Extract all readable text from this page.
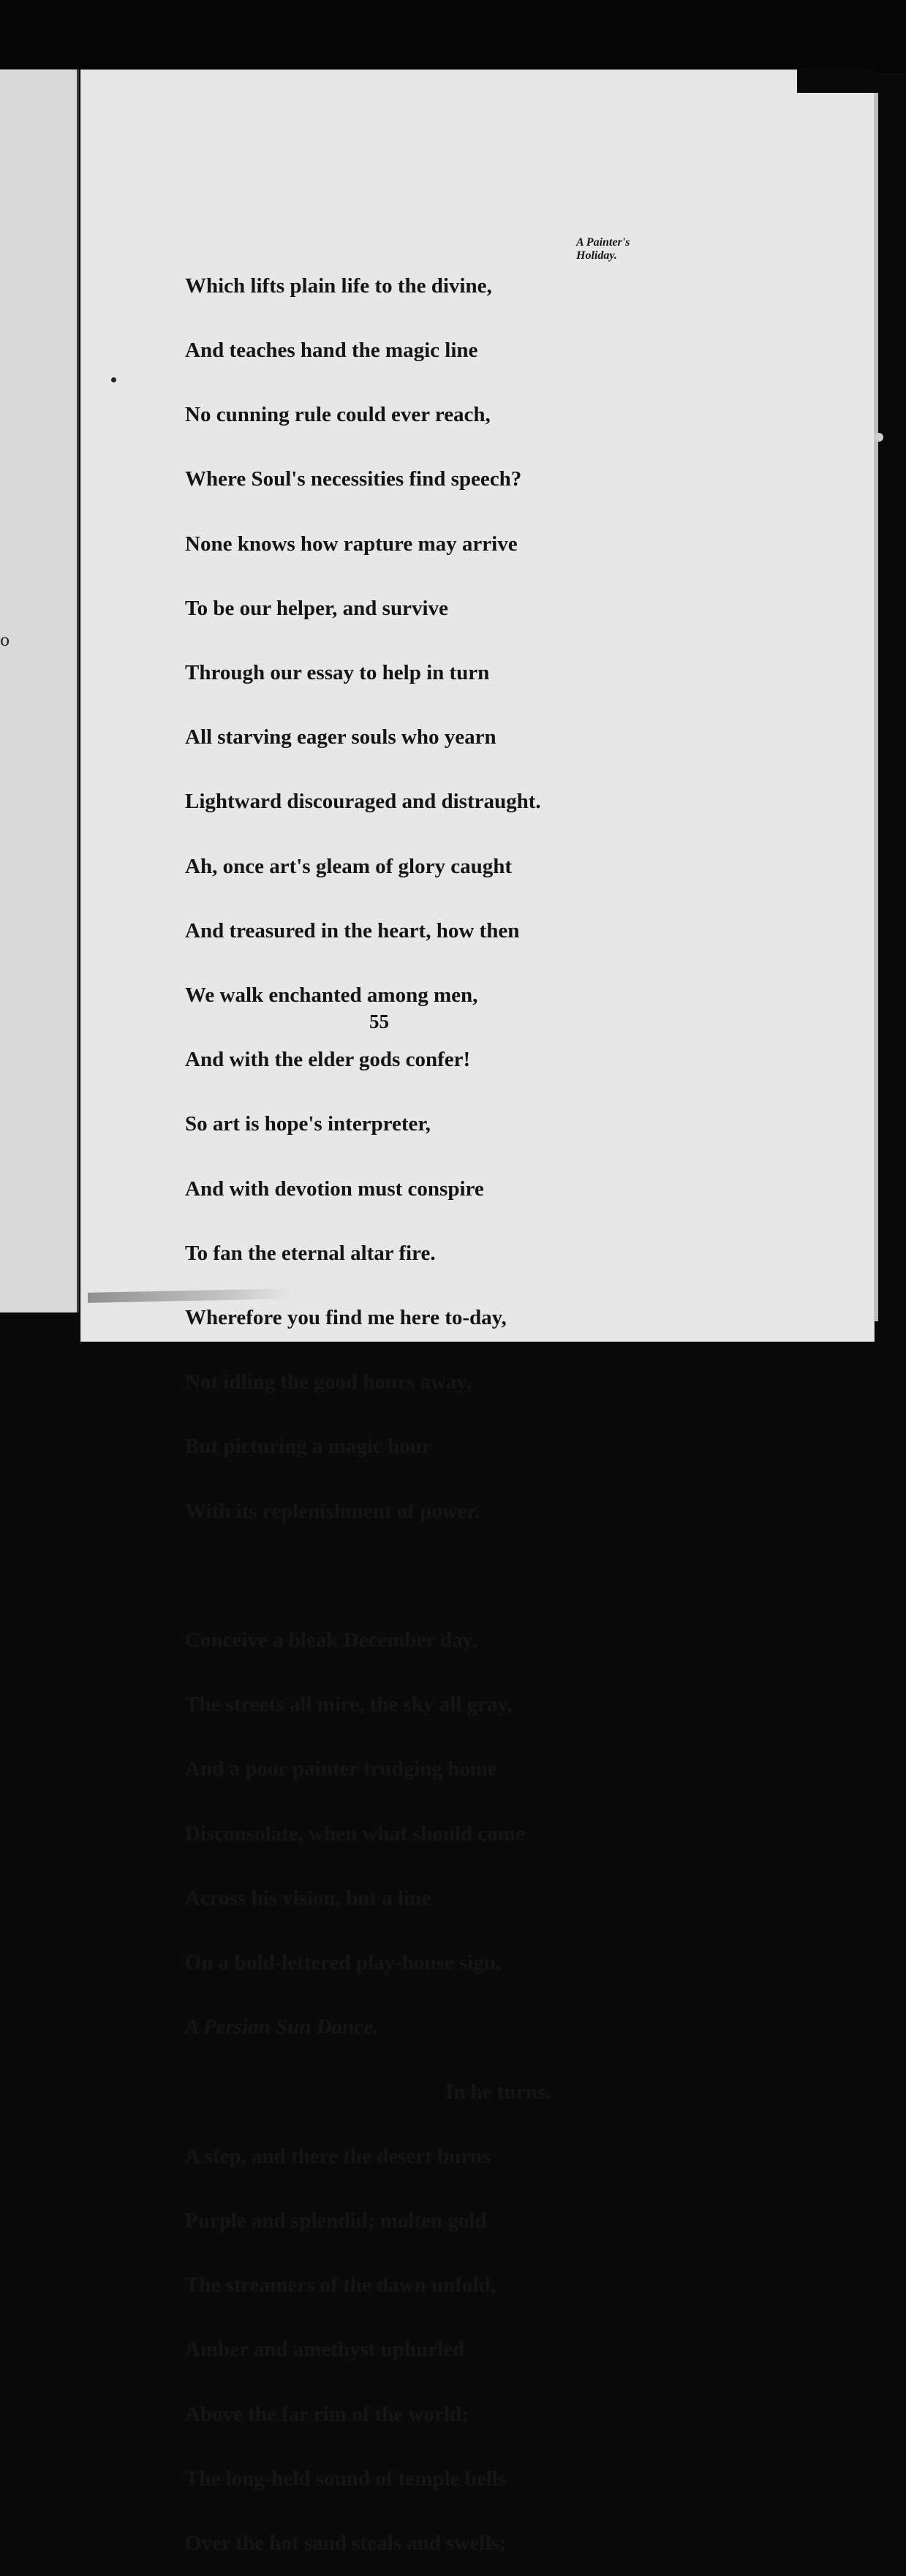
o
A Painter's
Holiday.

Which lifts plain life to the divine,

And teaches hand the magic line

No cunning rule could ever reach,

Where Soul's necessities find speech?

None knows how rapture may arrive

To be our helper, and survive

Through our essay to help in turn

All starving eager souls who yearn

Lightward discouraged and distraught.

Ah, once art's gleam of glory caught

And treasured in the heart, how then

We walk enchanted among men,

And with the elder gods confer!

So art is hope's interpreter,

And with devotion must conspire

To fan the eternal altar fire.

Wherefore you find me here to-day,

Not idling the good hours away,

But picturing a magic hour

With its replenishment of power.

Conceive a bleak December day,

The streets all mire, the sky all gray,

And a poor painter trudging home

Disconsolate, when what should come

Across his vision, but a line

On a bold-lettered play-house sign,

A Persian Sun Dance.

In he turns.

A step, and there the desert burns

Purple and splendid; molten gold

The streamers of the dawn unfold,

Amber and amethyst uphurled

Above the far rim of the world;

The long-held sound of temple bells

Over the hot sand steals and swells;

55
